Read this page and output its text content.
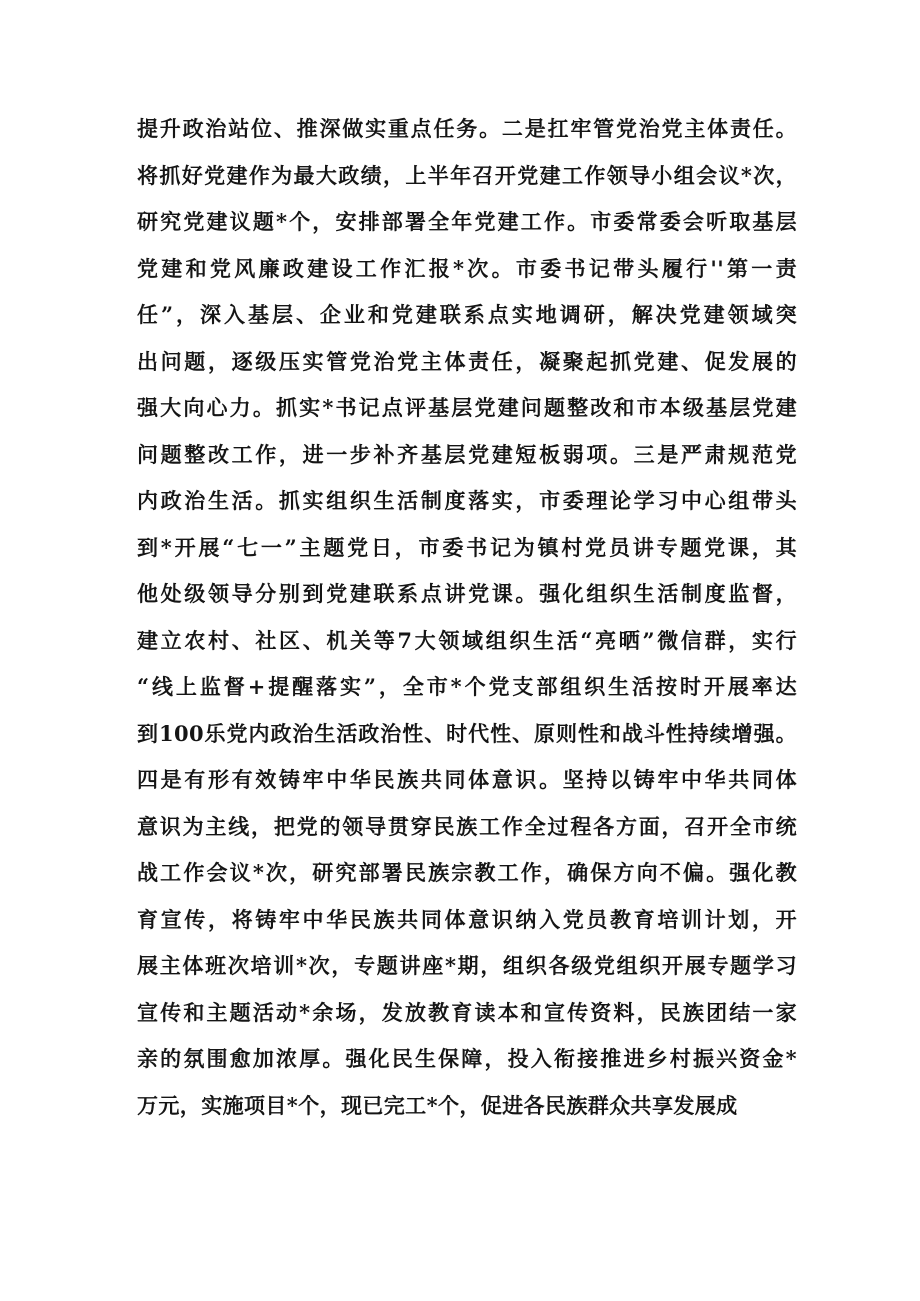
提升政治站位、推深做实重点任务。二是扛牢管党治党主体责任。
将抓好党建作为最大政绩，上半年召开党建工作领导小组会议*次，
研究党建议题*个，安排部署全年党建工作。市委常委会听取基层
党建和党风廉政建设工作汇报*次。市委书记带头履行''第一责
任”，深入基层、企业和党建联系点实地调研，解决党建领域突
出问题，逐级压实管党治党主体责任，凝聚起抓党建、促发展的
强大向心力。抓实*书记点评基层党建问题整改和市本级基层党建
问题整改工作，进一步补齐基层党建短板弱项。三是严肃规范党
内政治生活。抓实组织生活制度落实，市委理论学习中心组带头
到*开展“七一”主题党日，市委书记为镇村党员讲专题党课，其
他处级领导分别到党建联系点讲党课。强化组织生活制度监督，
建立农村、社区、机关等7大领域组织生活“亮晒”微信群，实行
“线上监督+提醒落实”，全市*个党支部组织生活按时开展率达
到100乐党内政治生活政治性、时代性、原则性和战斗性持续增强。
四是有形有效铸牢中华民族共同体意识。坚持以铸牢中华共同体
意识为主线，把党的领导贯穿民族工作全过程各方面，召开全市统
战工作会议*次，研究部署民族宗教工作，确保方向不偏。强化教
育宣传，将铸牢中华民族共同体意识纳入党员教育培训计划，开
展主体班次培训*次，专题讲座*期，组织各级党组织开展专题学习
宣传和主题活动*余场，发放教育读本和宣传资料，民族团结一家
亲的氛围愈加浓厚。强化民生保障，投入衔接推进乡村振兴资金*
万元，实施项目*个，现已完工*个，促进各民族群众共享发展成
